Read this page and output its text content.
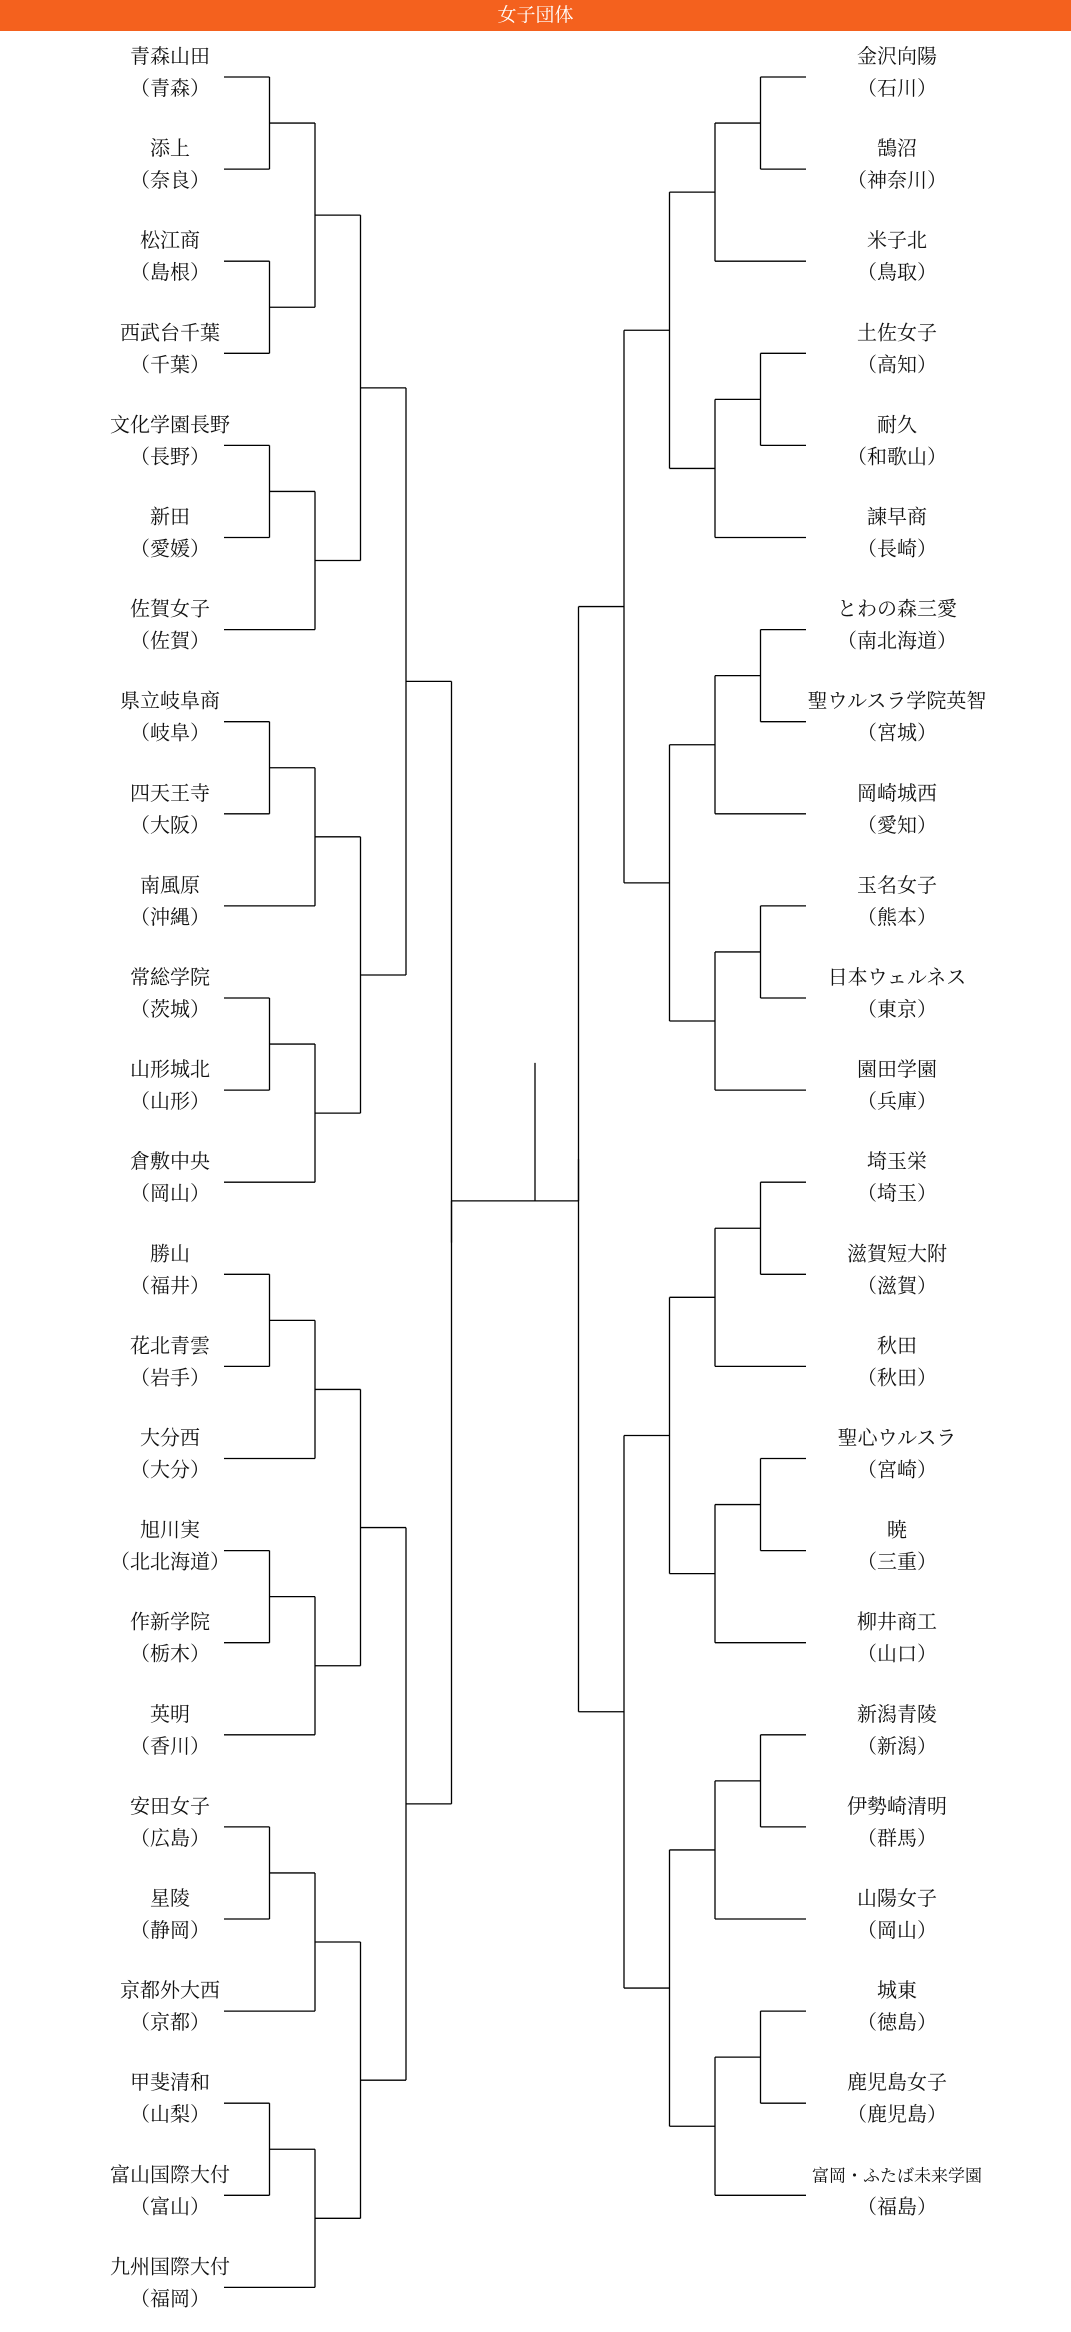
女子団体
青森山田
（青森）
添上
（奈良）
松江商
（島根）
西武台千葉
（千葉）
文化学園長野
（長野）
新田
（愛媛）
佐賀女子
（佐賀）
県立岐阜商
（岐阜）
四天王寺
（大阪）
南風原
（沖縄）
常総学院
（茨城）
山形城北
（山形）
倉敷中央
（岡山）
勝山
（福井）
花北青雲
（岩手）
大分西
（大分）
旭川実
（北北海道）
作新学院
（栃木）
英明
（香川）
安田女子
（広島）
星陵
（静岡）
京都外大西
（京都）
甲斐清和
（山梨）
富山国際大付
（富山）
九州国際大付
（福岡）
金沢向陽
（石川）
鵠沼
（神奈川）
米子北
（鳥取）
土佐女子
（高知）
耐久
（和歌山）
諫早商
（長崎）
とわの森三愛
（南北海道）
聖ウルスラ学院英智
（宮城）
岡崎城西
（愛知）
玉名女子
（熊本）
日本ウェルネス
（東京）
園田学園
（兵庫）
埼玉栄
（埼玉）
滋賀短大附
（滋賀）
秋田
（秋田）
聖心ウルスラ
（宮崎）
暁
（三重）
柳井商工
（山口）
新潟青陵
（新潟）
伊勢崎清明
（群馬）
山陽女子
（岡山）
城東
（徳島）
鹿児島女子
（鹿児島）
富岡・ふたば未来学園
（福島）
